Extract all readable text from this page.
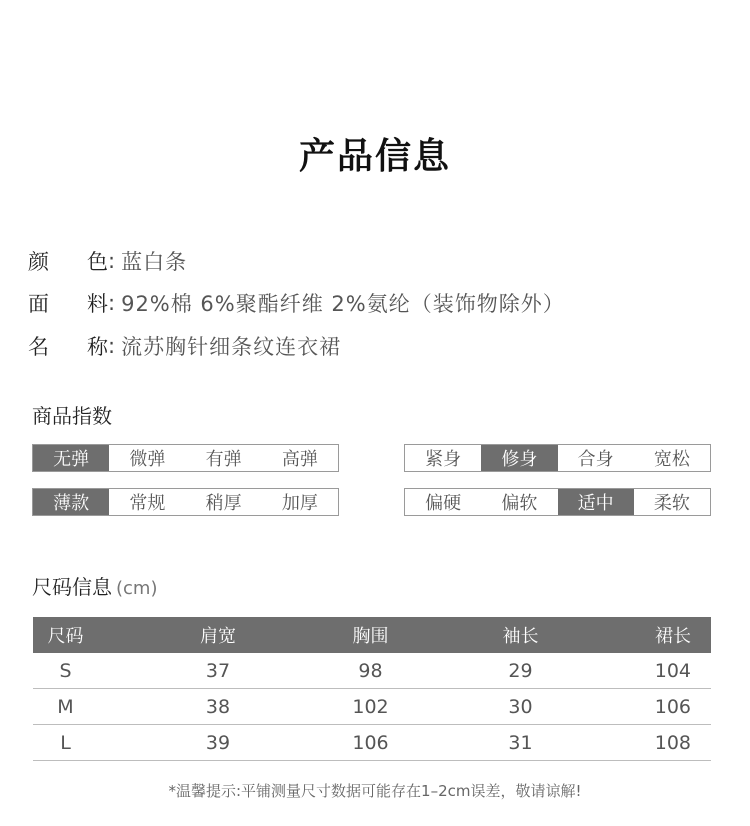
产品信息
颜 色 : 蓝白条
面 料 : 92%棉 6%聚酯纤维 2%氨纶（装饰物除外）
名 称 : 流苏胸针细条纹连衣裙
商品指数
无弹	微弹	有弹	高弹	紧身	修身	合身	宽松
薄款	常规	稍厚	加厚	偏硬	偏软	适中	柔软
尺码信息 (cm)
尺码	肩宽	胸围	袖长	裙长
S	37	98	29	104
M	38	102	30	106
L	39	106	31	108
*温馨提示:平铺测量尺寸数据可能存在1–2cm误差，敬请谅解!
